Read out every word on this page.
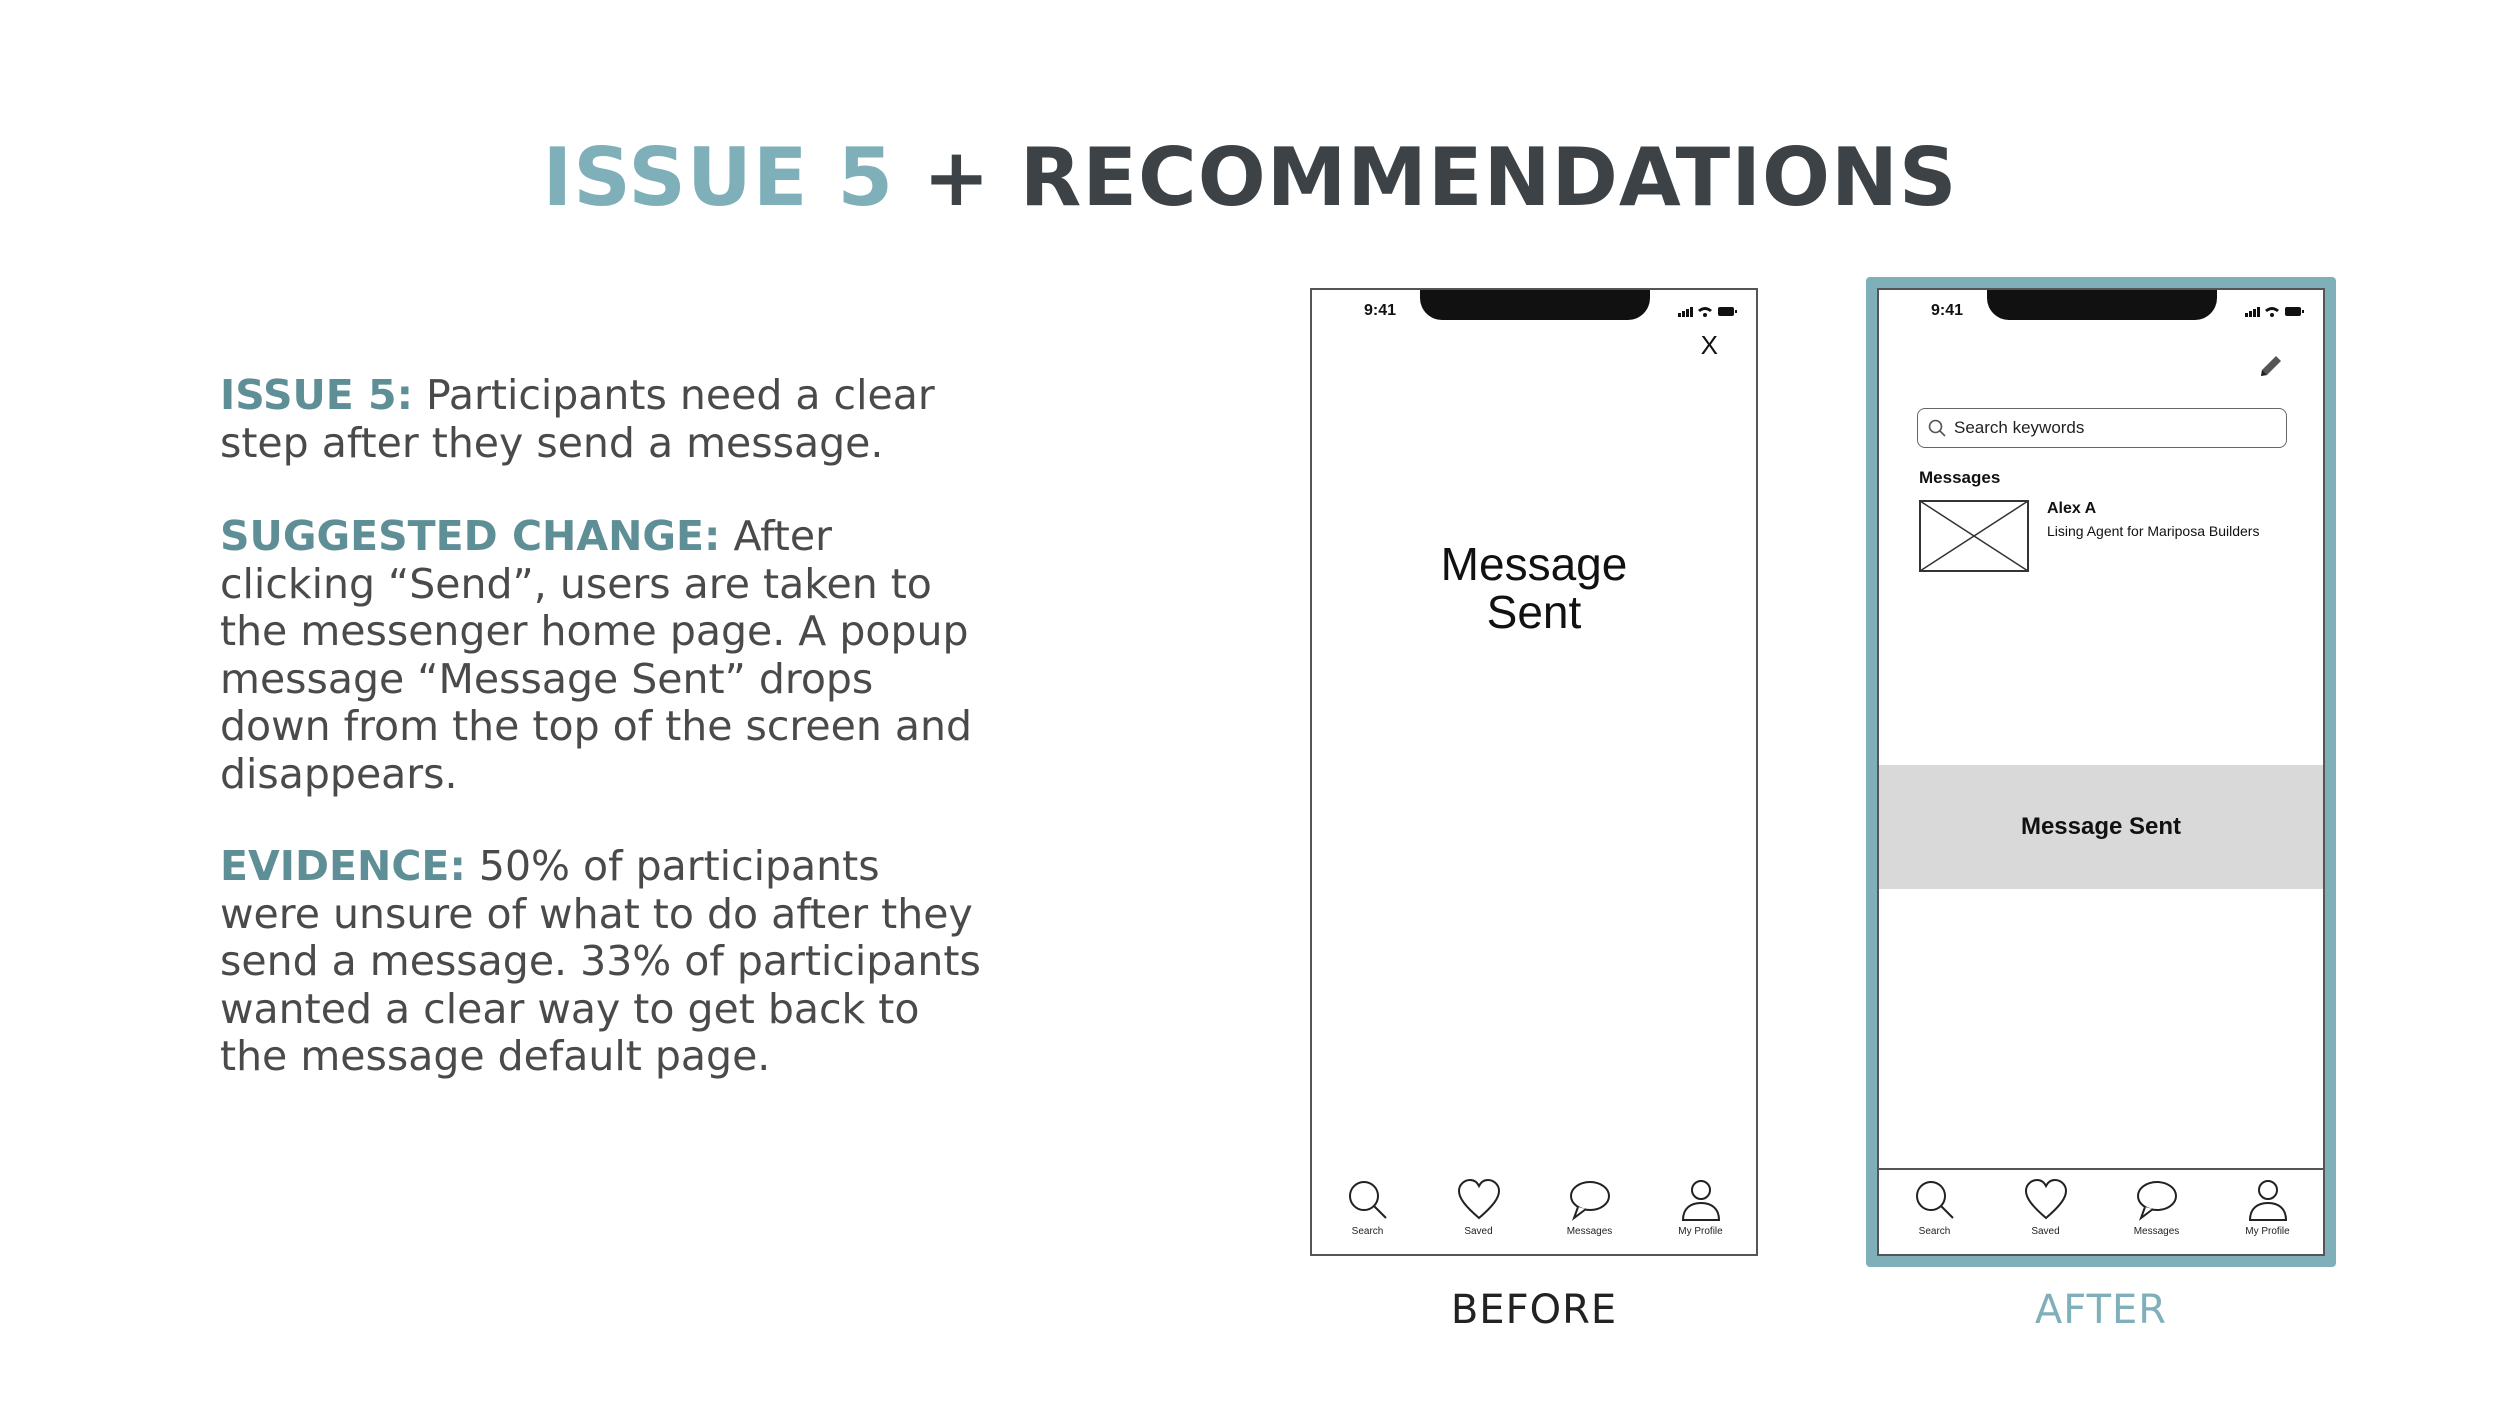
ISSUE 5 + RECOMMENDATIONS
ISSUE 5: Participants need a clear step after they send a message.
SUGGESTED CHANGE: After clicking “Send”, users are taken to the messenger home page. A popup message “Message Sent” drops down from the top of the screen and disappears.
EVIDENCE: 50% of participants were unsure of what to do after they send a message. 33% of participants wanted a clear way to get back to the message default page.
9:41
X
Message
Sent
Search	Saved	Messages	My Profile
BEFORE
9:41
Search keywords
Messages
Alex A
Lising Agent for Mariposa Builders
Message Sent
Search	Saved	Messages	My Profile
AFTER
